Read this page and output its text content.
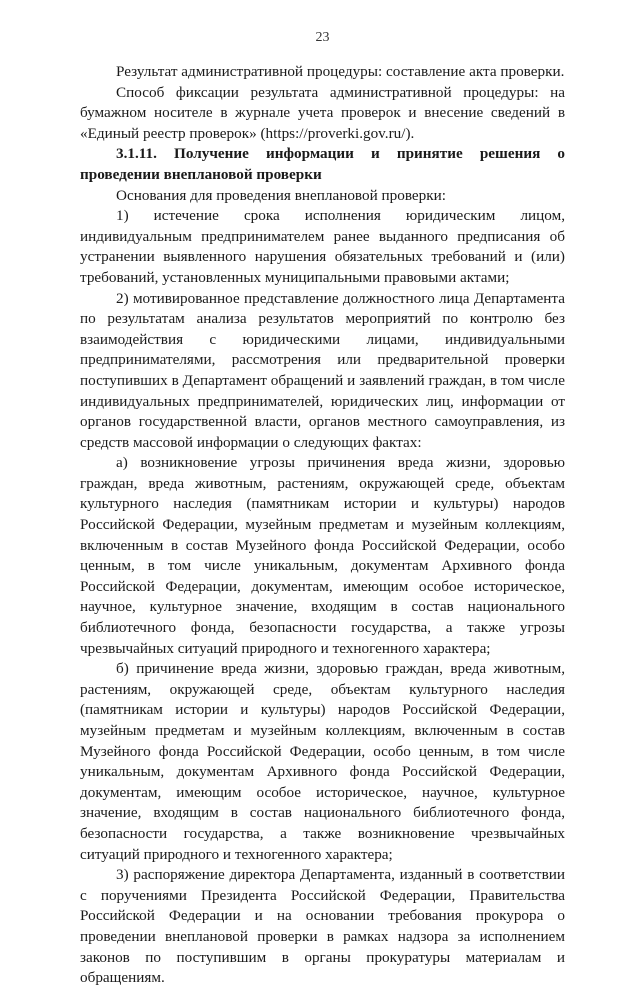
23

Результат административной процедуры: составление акта проверки.

Способ фиксации результата административной процедуры: на бумажном носителе в журнале учета проверок и внесение сведений в «Единый реестр проверок» (https://proverki.gov.ru/).

3.1.11. Получение информации и принятие решения о проведении внеплановой проверки

Основания для проведения внеплановой проверки:

1) истечение срока исполнения юридическим лицом, индивидуальным предпринимателем ранее выданного предписания об устранении выявленного нарушения обязательных требований и (или) требований, установленных муниципальными правовыми актами;

2) мотивированное представление должностного лица Департамента по результатам анализа результатов мероприятий по контролю без взаимодействия с юридическими лицами, индивидуальными предпринимателями, рассмотрения или предварительной проверки поступивших в Департамент обращений и заявлений граждан, в том числе индивидуальных предпринимателей, юридических лиц, информации от органов государственной власти, органов местного самоуправления, из средств массовой информации о следующих фактах:

а) возникновение угрозы причинения вреда жизни, здоровью граждан, вреда животным, растениям, окружающей среде, объектам культурного наследия (памятникам истории и культуры) народов Российской Федерации, музейным предметам и музейным коллекциям, включенным в состав Музейного фонда Российской Федерации, особо ценным, в том числе уникальным, документам Архивного фонда Российской Федерации, документам, имеющим особое историческое, научное, культурное значение, входящим в состав национального библиотечного фонда, безопасности государства, а также угрозы чрезвычайных ситуаций природного и техногенного характера;

б) причинение вреда жизни, здоровью граждан, вреда животным, растениям, окружающей среде, объектам культурного наследия (памятникам истории и культуры) народов Российской Федерации, музейным предметам и музейным коллекциям, включенным в состав Музейного фонда Российской Федерации, особо ценным, в том числе уникальным, документам Архивного фонда Российской Федерации, документам, имеющим особое историческое, научное, культурное значение, входящим в состав национального библиотечного фонда, безопасности государства, а также возникновение чрезвычайных ситуаций природного и техногенного характера;

3) распоряжение директора Департамента, изданный в соответствии с поручениями Президента Российской Федерации, Правительства Российской Федерации и на основании требования прокурора о проведении внеплановой проверки в рамках надзора за исполнением законов по поступившим в органы прокуратуры материалам и обращениям.
